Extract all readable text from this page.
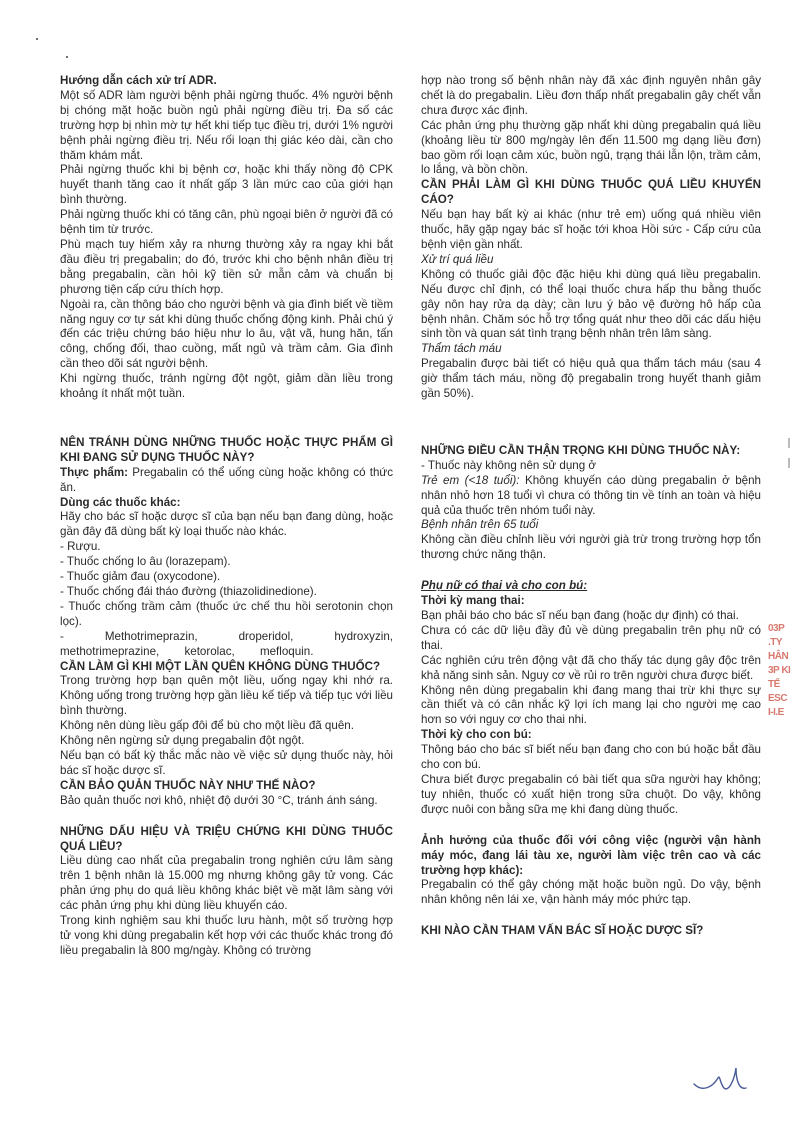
Hướng dẫn cách xử trí ADR.

Một số ADR làm người bệnh phải ngừng thuốc. 4% người bệnh bị chóng mặt hoặc buồn ngủ phải ngừng điều trị. Đa số các trường hợp bị nhìn mờ tự hết khi tiếp tục điều trị, dưới 1% người bệnh phải ngừng điều trị. Nếu rối loạn thị giác kéo dài, cần cho thăm khám mắt.

Phải ngừng thuốc khi bị bệnh cơ, hoặc khi thấy nồng độ CPK huyết thanh tăng cao ít nhất gấp 3 lần mức cao của giới hạn bình thường.

Phải ngừng thuốc khi có tăng cân, phù ngoại biên ở người đã có bệnh tim từ trước.

Phù mạch tuy hiếm xảy ra nhưng thường xảy ra ngay khi bắt đầu điều trị pregabalin; do đó, trước khi cho bệnh nhân điều trị bằng pregabalin, cần hỏi kỹ tiền sử mẫn cảm và chuẩn bị phương tiện cấp cứu thích hợp.

Ngoài ra, cần thông báo cho người bệnh và gia đình biết về tiềm năng nguy cơ tự sát khi dùng thuốc chống động kinh. Phải chú ý đến các triệu chứng báo hiệu như lo âu, vật vã, hung hăn, tấn công, chống đối, thao cuồng, mất ngủ và trầm cảm. Gia đình cần theo dõi sát người bệnh.

Khi ngừng thuốc, tránh ngừng đột ngột, giảm dần liều trong khoảng ít nhất một tuần.

NÊN TRÁNH DÙNG NHỮNG THUỐC HOẶC THỰC PHẨM GÌ KHI ĐANG SỬ DỤNG THUỐC NÀY?

Thực phẩm: Pregabalin có thể uống cùng hoặc không có thức ăn.

Dùng các thuốc khác:

Hãy cho bác sĩ hoặc dược sĩ của bạn nếu bạn đang dùng, hoặc gần đây đã dùng bất kỳ loại thuốc nào khác.

- Rượu.

- Thuốc chống lo âu (lorazepam).

- Thuốc giảm đau (oxycodone).

- Thuốc chống đái tháo đường (thiazolidinedione).

- Thuốc chống trầm cảm (thuốc ức chế thu hồi serotonin chọn lọc).

- Methotrimeprazin, droperidol, hydroxyzin, methotrimeprazine, ketorolac, mefloquin.

CẦN LÀM GÌ KHI MỘT LẦN QUÊN KHÔNG DÙNG THUỐC?

Trong trường hợp bạn quên một liều, uống ngay khi nhớ ra. Không uống trong trường hợp gần liều kế tiếp và tiếp tục với liều bình thường.

Không nên dùng liều gấp đôi để bù cho một liều đã quên.

Không nên ngừng sử dụng pregabalin đột ngột.

Nếu bạn có bất kỳ thắc mắc nào về việc sử dụng thuốc này, hỏi bác sĩ hoặc dược sĩ.

CẦN BẢO QUẢN THUỐC NÀY NHƯ THẾ NÀO?

Bảo quản thuốc nơi khô, nhiệt độ dưới 30 °C, tránh ánh sáng.

NHỮNG DẤU HIỆU VÀ TRIỆU CHỨNG KHI DÙNG THUỐC QUÁ LIỀU?

Liều dùng cao nhất của pregabalin trong nghiên cứu lâm sàng trên 1 bệnh nhân là 15.000 mg nhưng không gây tử vong. Các phản ứng phụ do quá liều không khác biệt về mặt lâm sàng với các phản ứng phụ khi dùng liều khuyến cáo.

Trong kinh nghiệm sau khi thuốc lưu hành, một số trường hợp tử vong khi dùng pregabalin kết hợp với các thuốc khác trong đó liều pregabalin là 800 mg/ngày. Không có trường

hợp nào trong số bệnh nhân này đã xác định nguyên nhân gây chết là do pregabalin. Liều đơn thấp nhất pregabalin gây chết vẫn chưa được xác định.

Các phản ứng phụ thường gặp nhất khi dùng pregabalin quá liều (khoảng liều từ 800 mg/ngày lên đến 11.500 mg dạng liều đơn) bao gồm rối loạn cảm xúc, buồn ngủ, trạng thái lẫn lộn, trầm cảm, lo lắng, và bồn chồn.

CẦN PHẢI LÀM GÌ KHI DÙNG THUỐC QUÁ LIỀU KHUYẾN CÁO?

Nếu bạn hay bất kỳ ai khác (như trẻ em) uống quá nhiều viên thuốc, hãy gặp ngay bác sĩ hoặc tới khoa Hồi sức - Cấp cứu của bệnh viện gần nhất.

Xử trí quá liều

Không có thuốc giải độc đặc hiệu khi dùng quá liều pregabalin. Nếu được chỉ định, có thể loại thuốc chưa hấp thu bằng thuốc gây nôn hay rửa dạ dày; cần lưu ý bảo vệ đường hô hấp của bệnh nhân. Chăm sóc hỗ trợ tổng quát như theo dõi các dấu hiệu sinh tồn và quan sát tình trạng bệnh nhân trên lâm sàng.

Thẩm tách máu

Pregabalin được bài tiết có hiệu quả qua thẩm tách máu (sau 4 giờ thẩm tách máu, nồng độ pregabalin trong huyết thanh giảm gần 50%).

NHỮNG ĐIỀU CẦN THẬN TRỌNG KHI DÙNG THUỐC NÀY:

- Thuốc này không nên sử dụng ở

Trẻ em (<18 tuổi): Không khuyến cáo dùng pregabalin ở bệnh nhân nhỏ hơn 18 tuổi vì chưa có thông tin về tính an toàn và hiệu quả của thuốc trên nhóm tuổi này.

Bệnh nhân trên 65 tuổi

Không cần điều chỉnh liều với người già trừ trong trường hợp tổn thương chức năng thận.

Phụ nữ có thai và cho con bú:

Thời kỳ mang thai:

Bạn phải báo cho bác sĩ nếu bạn đang (hoặc dự định) có thai.

Chưa có các dữ liệu đầy đủ về dùng pregabalin trên phụ nữ có thai.

Các nghiên cứu trên động vật đã cho thấy tác dụng gây độc trên khả năng sinh sản. Nguy cơ về rủi ro trên người chưa được biết.

Không nên dùng pregabalin khi đang mang thai trừ khi thực sự cần thiết và có cân nhắc kỹ lợi ích mang lại cho người mẹ cao hơn so với nguy cơ cho thai nhi.

Thời kỳ cho con bú:

Thông báo cho bác sĩ biết nếu bạn đang cho con bú hoặc bắt đầu cho con bú.

Chưa biết được pregabalin có bài tiết qua sữa người hay không; tuy nhiên, thuốc có xuất hiện trong sữa chuột. Do vậy, không được nuôi con bằng sữa mẹ khi đang dùng thuốc.

Ảnh hưởng của thuốc đối với công việc (người vận hành máy móc, đang lái tàu xe, người làm việc trên cao và các trường hợp khác):

Pregabalin có thể gây chóng mặt hoặc buồn ngủ. Do vậy, bệnh nhân không nên lái xe, vận hành máy móc phức tạp.

KHI NÀO CẦN THAM VẤN BÁC SĨ HOẶC DƯỢC SĨ?

03P
.TY
HÂN
3P KI
TẾ
ESC
I-I.E
